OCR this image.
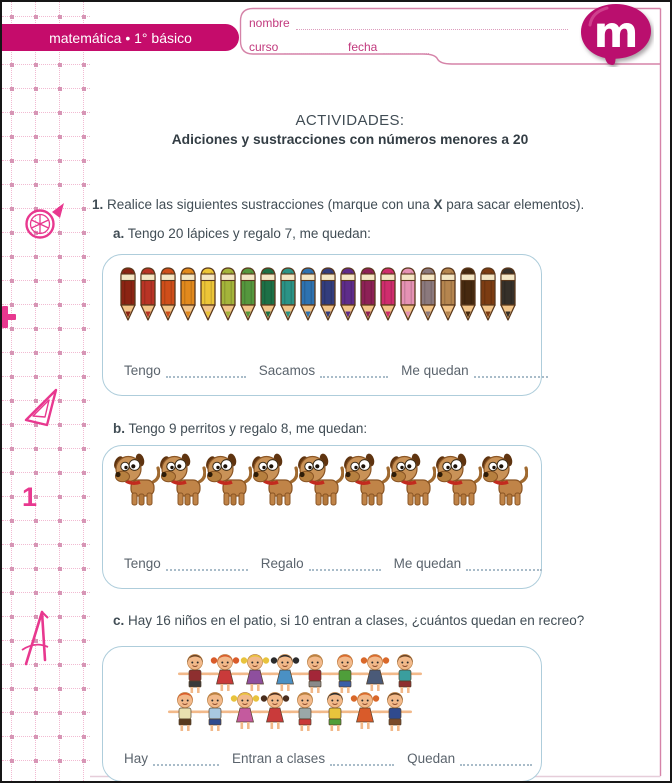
1
matemática • 1° básico
nombre
curso	fecha	m
ACTIVIDADES:
Adiciones y sustracciones con números menores a 20
1. Realice las siguientes sustracciones (marque con una X para sacar elementos).
a. Tengo 20 lápices y regalo 7, me quedan:
Tengo	Sacamos	Me quedan
b. Tengo 9 perritos y regalo 8, me quedan:
Tengo	Regalo	Me quedan
c. Hay 16 niños en el patio, si 10 entran a clases, ¿cuántos quedan en recreo?
Hay	Entran a clases	Quedan
